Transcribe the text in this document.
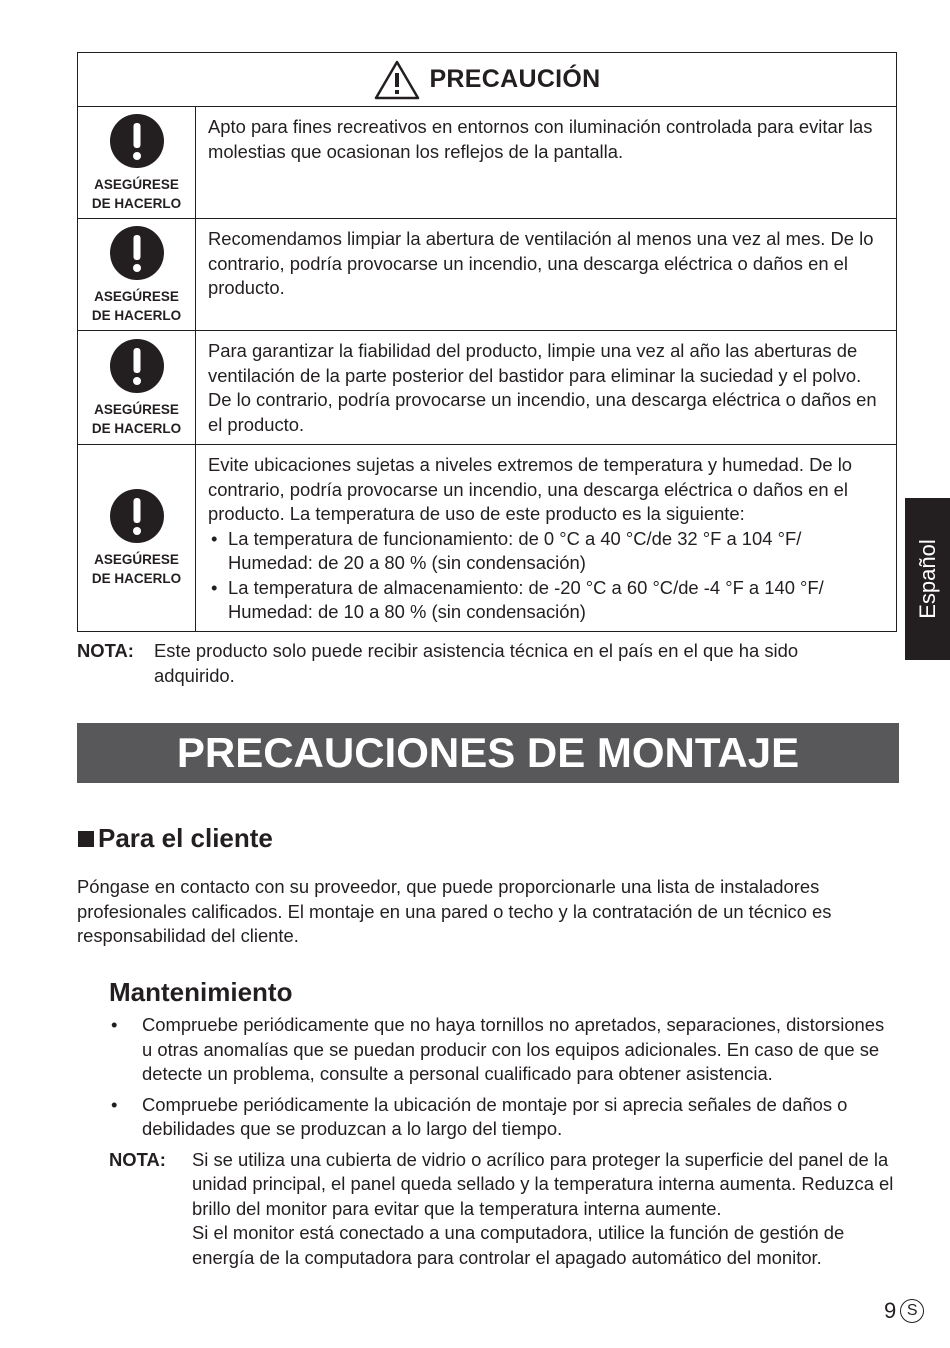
PRECAUCIÓN
ASEGÚRESE
DE HACERLO
Apto para fines recreativos en entornos con iluminación controlada para evitar las molestias que ocasionan los reflejos de la pantalla.
ASEGÚRESE
DE HACERLO
Recomendamos limpiar la abertura de ventilación al menos una vez al mes. De lo contrario, podría provocarse un incendio, una descarga eléctrica o daños en el producto.
ASEGÚRESE
DE HACERLO
Para garantizar la fiabilidad del producto, limpie una vez al año las aberturas de ventilación de la parte posterior del bastidor para eliminar la suciedad y el polvo. De lo contrario, podría provocarse un incendio, una descarga eléctrica o daños en el producto.
ASEGÚRESE
DE HACERLO
Evite ubicaciones sujetas a niveles extremos de temperatura y humedad. De lo contrario, podría provocarse un incendio, una descarga eléctrica o daños en el producto. La temperatura de uso de este producto es la siguiente:
• La temperatura de funcionamiento: de 0 °C a 40 °C/de 32 °F a 104 °F/ Humedad: de 20 a 80 % (sin condensación)
• La temperatura de almacenamiento: de -20 °C a 60 °C/de -4 °F a 140 °F/ Humedad: de 10 a 80 % (sin condensación)
NOTA:	Este producto solo puede recibir asistencia técnica en el país en el que ha sido adquirido.
PRECAUCIONES DE MONTAJE
Para el cliente
Póngase en contacto con su proveedor, que puede proporcionarle una lista de instaladores profesionales calificados. El montaje en una pared o techo y la contratación de un técnico es responsabilidad del cliente.
Mantenimiento
• Compruebe periódicamente que no haya tornillos no apretados, separaciones, distorsiones u otras anomalías que se puedan producir con los equipos adicionales. En caso de que se detecte un problema, consulte a personal cualificado para obtener asistencia.
• Compruebe periódicamente la ubicación de montaje por si aprecia señales de daños o debilidades que se produzcan a lo largo del tiempo.
NOTA:	Si se utiliza una cubierta de vidrio o acrílico para proteger la superficie del panel de la unidad principal, el panel queda sellado y la temperatura interna aumenta. Reduzca el brillo del monitor para evitar que la temperatura interna aumente.
Si el monitor está conectado a una computadora, utilice la función de gestión de energía de la computadora para controlar el apagado automático del monitor.
Español
9 S
